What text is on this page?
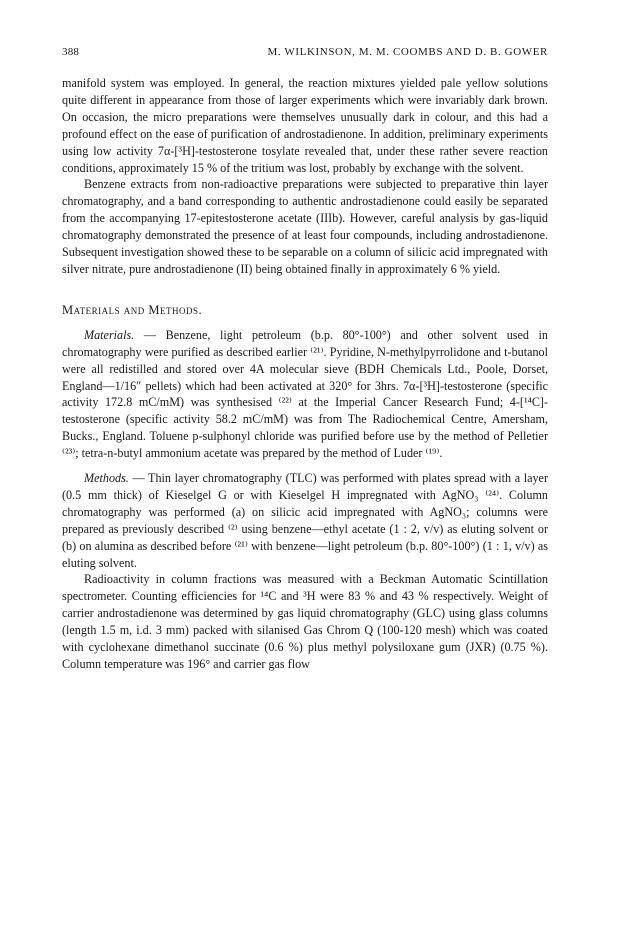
388	M. WILKINSON, M. M. COOMBS AND D. B. GOWER

manifold system was employed. In general, the reaction mixtures yielded pale yellow solutions quite different in appearance from those of larger experiments which were invariably dark brown. On occasion, the micro preparations were themselves unusually dark in colour, and this had a profound effect on the ease of purification of androstadienone. In addition, preliminary experiments using low activity 7α-[³H]-testosterone tosylate revealed that, under these rather severe reaction conditions, approximately 15 % of the tritium was lost, probably by exchange with the solvent.

Benzene extracts from non-radioactive preparations were subjected to preparative thin layer chromatography, and a band corresponding to authentic androstadienone could easily be separated from the accompanying 17-epitestosterone acetate (IIIb). However, careful analysis by gas-liquid chromatography demonstrated the presence of at least four compounds, including androstadienone. Subsequent investigation showed these to be separable on a column of silicic acid impregnated with silver nitrate, pure androstadienone (II) being obtained finally in approximately 6 % yield.

Materials and Methods.

Materials. — Benzene, light petroleum (b.p. 80°-100°) and other solvent used in chromatography were purified as described earlier ⁽²¹⁾. Pyridine, N-methylpyrrolidone and t-butanol were all redistilled and stored over 4A molecular sieve (BDH Chemicals Ltd., Poole, Dorset, England—1/16″ pellets) which had been activated at 320° for 3hrs. 7α-[³H]-testosterone (specific activity 172.8 mC/mM) was synthesised ⁽²²⁾ at the Imperial Cancer Research Fund; 4-[¹⁴C]-testosterone (specific activity 58.2 mC/mM) was from The Radiochemical Centre, Amersham, Bucks., England. Toluene p-sulphonyl chloride was purified before use by the method of Pelletier ⁽²³⁾; tetra-n-butyl ammonium acetate was prepared by the method of Luder ⁽¹⁹⁾.

Methods. — Thin layer chromatography (TLC) was performed with plates spread with a layer (0.5 mm thick) of Kieselgel G or with Kieselgel H impregnated with AgNO₃ ⁽²⁴⁾. Column chromatography was performed (a) on silicic acid impregnated with AgNO₃; columns were prepared as previously described ⁽²⁾ using benzene—ethyl acetate (1 : 2, v/v) as eluting solvent or (b) on alumina as described before ⁽²¹⁾ with benzene—light petroleum (b.p. 80°-100°) (1 : 1, v/v) as eluting solvent.

Radioactivity in column fractions was measured with a Beckman Automatic Scintillation spectrometer. Counting efficiencies for ¹⁴C and ³H were 83 % and 43 % respectively. Weight of carrier androstadienone was determined by gas liquid chromatography (GLC) using glass columns (length 1.5 m, i.d. 3 mm) packed with silanised Gas Chrom Q (100-120 mesh) which was coated with cyclohexane dimethanol succinate (0.6 %) plus methyl polysiloxane gum (JXR) (0.75 %). Column temperature was 196° and carrier gas flow
